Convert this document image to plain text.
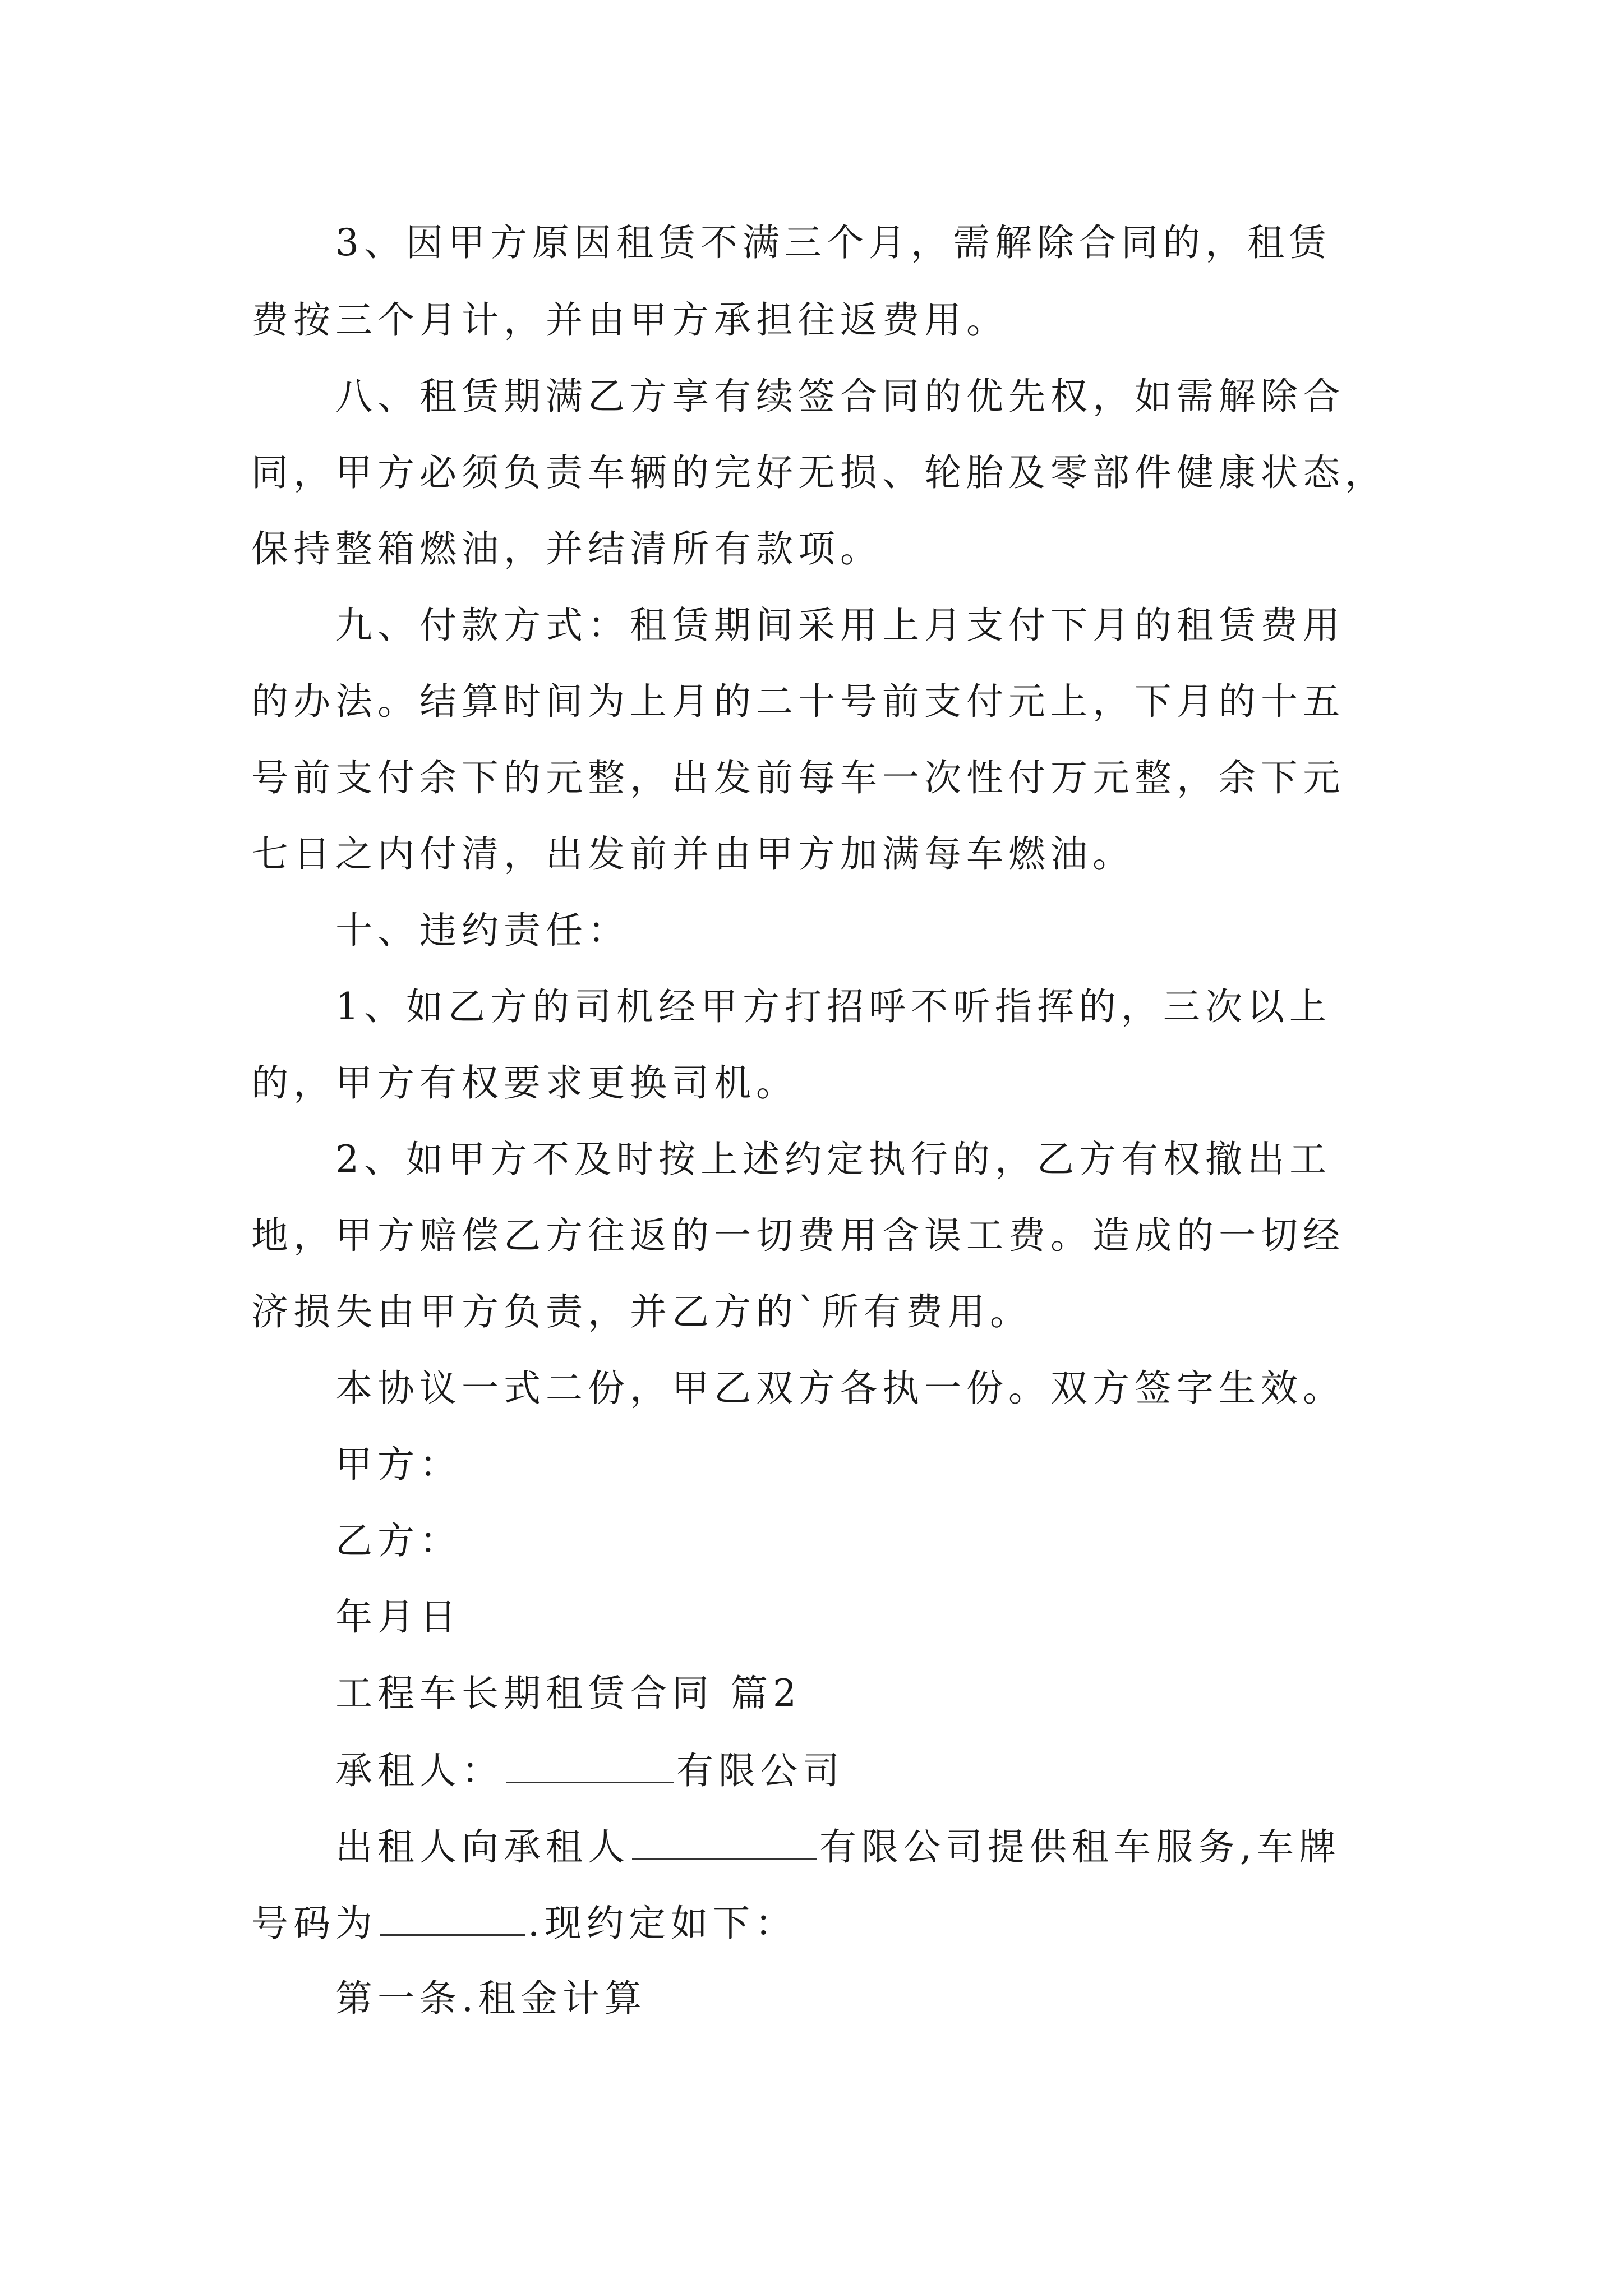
3、因甲方原因租赁不满三个月，需解除合同的，租赁
费按三个月计，并由甲方承担往返费用。
八、租赁期满乙方享有续签合同的优先权，如需解除合
同，甲方必须负责车辆的完好无损、轮胎及零部件健康状态，
保持整箱燃油，并结清所有款项。
九、付款方式：租赁期间采用上月支付下月的租赁费用
的办法。结算时间为上月的二十号前支付元上，下月的十五
号前支付余下的元整，出发前每车一次性付万元整，余下元
七日之内付清，出发前并由甲方加满每车燃油。
十、违约责任：
1、如乙方的司机经甲方打招呼不听指挥的，三次以上
的，甲方有权要求更换司机。
2、如甲方不及时按上述约定执行的，乙方有权撤出工
地，甲方赔偿乙方往返的一切费用含误工费。造成的一切经
济损失由甲方负责，并乙方的`所有费用。
本协议一式二份，甲乙双方各执一份。双方签字生效。
甲方：
乙方：
年月日
工程车长期租赁合同 篇2
承租人：	有限公司
出租人向承租人	有限公司提供租车服务,车牌
号码为	.现约定如下：
第一条.租金计算
